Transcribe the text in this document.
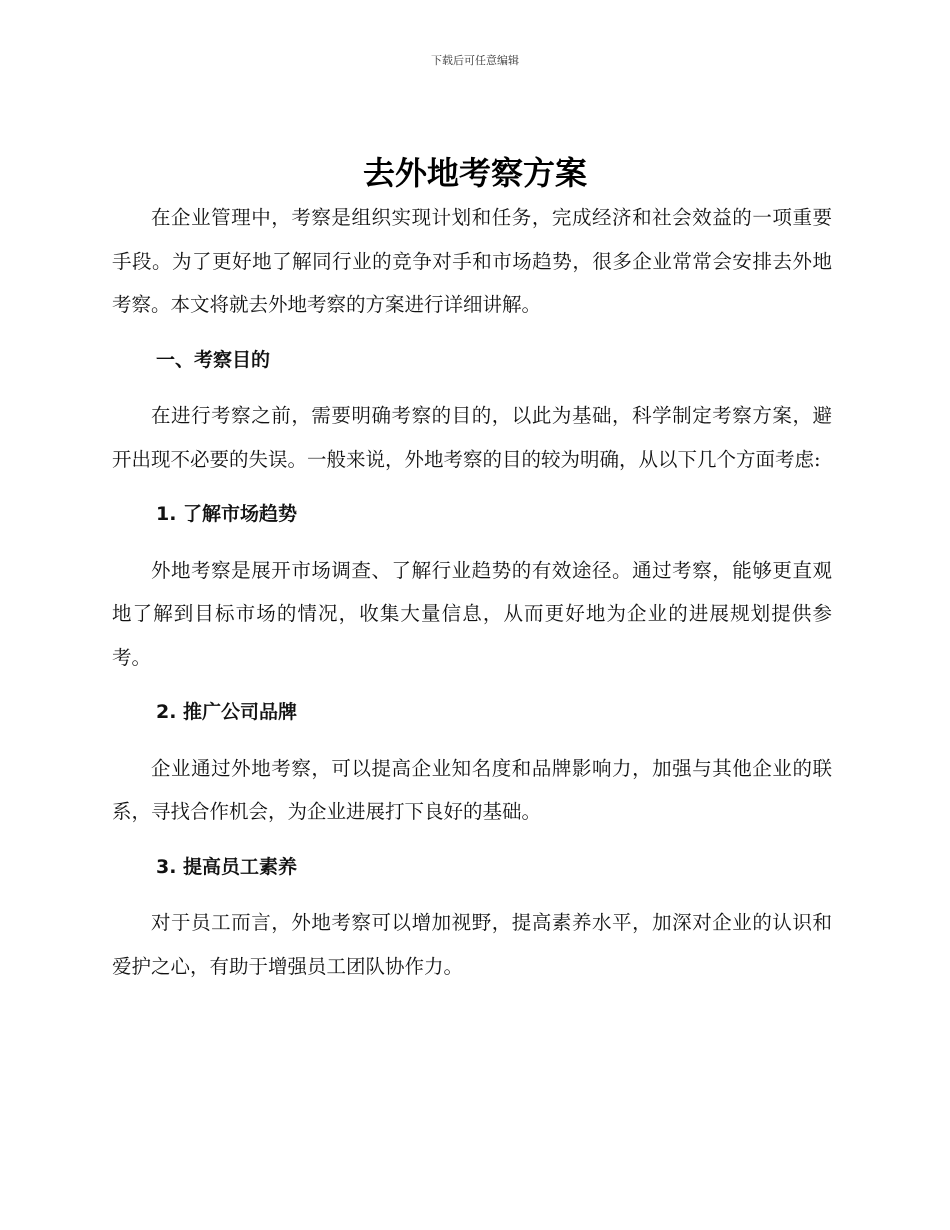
下载后可任意编辑
去外地考察方案

在企业管理中，考察是组织实现计划和任务，完成经济和社会效益的一项重要手段。为了更好地了解同行业的竞争对手和市场趋势，很多企业常常会安排去外地考察。本文将就去外地考察的方案进行详细讲解。

一、考察目的

在进行考察之前，需要明确考察的目的，以此为基础，科学制定考察方案，避开出现不必要的失误。一般来说，外地考察的目的较为明确，从以下几个方面考虑:

1. 了解市场趋势

外地考察是展开市场调查、了解行业趋势的有效途径。通过考察，能够更直观地了解到目标市场的情况，收集大量信息，从而更好地为企业的进展规划提供参考。

2. 推广公司品牌

企业通过外地考察，可以提高企业知名度和品牌影响力，加强与其他企业的联系，寻找合作机会，为企业进展打下良好的基础。

3. 提高员工素养

对于员工而言，外地考察可以增加视野，提高素养水平，加深对企业的认识和爱护之心，有助于增强员工团队协作力。
